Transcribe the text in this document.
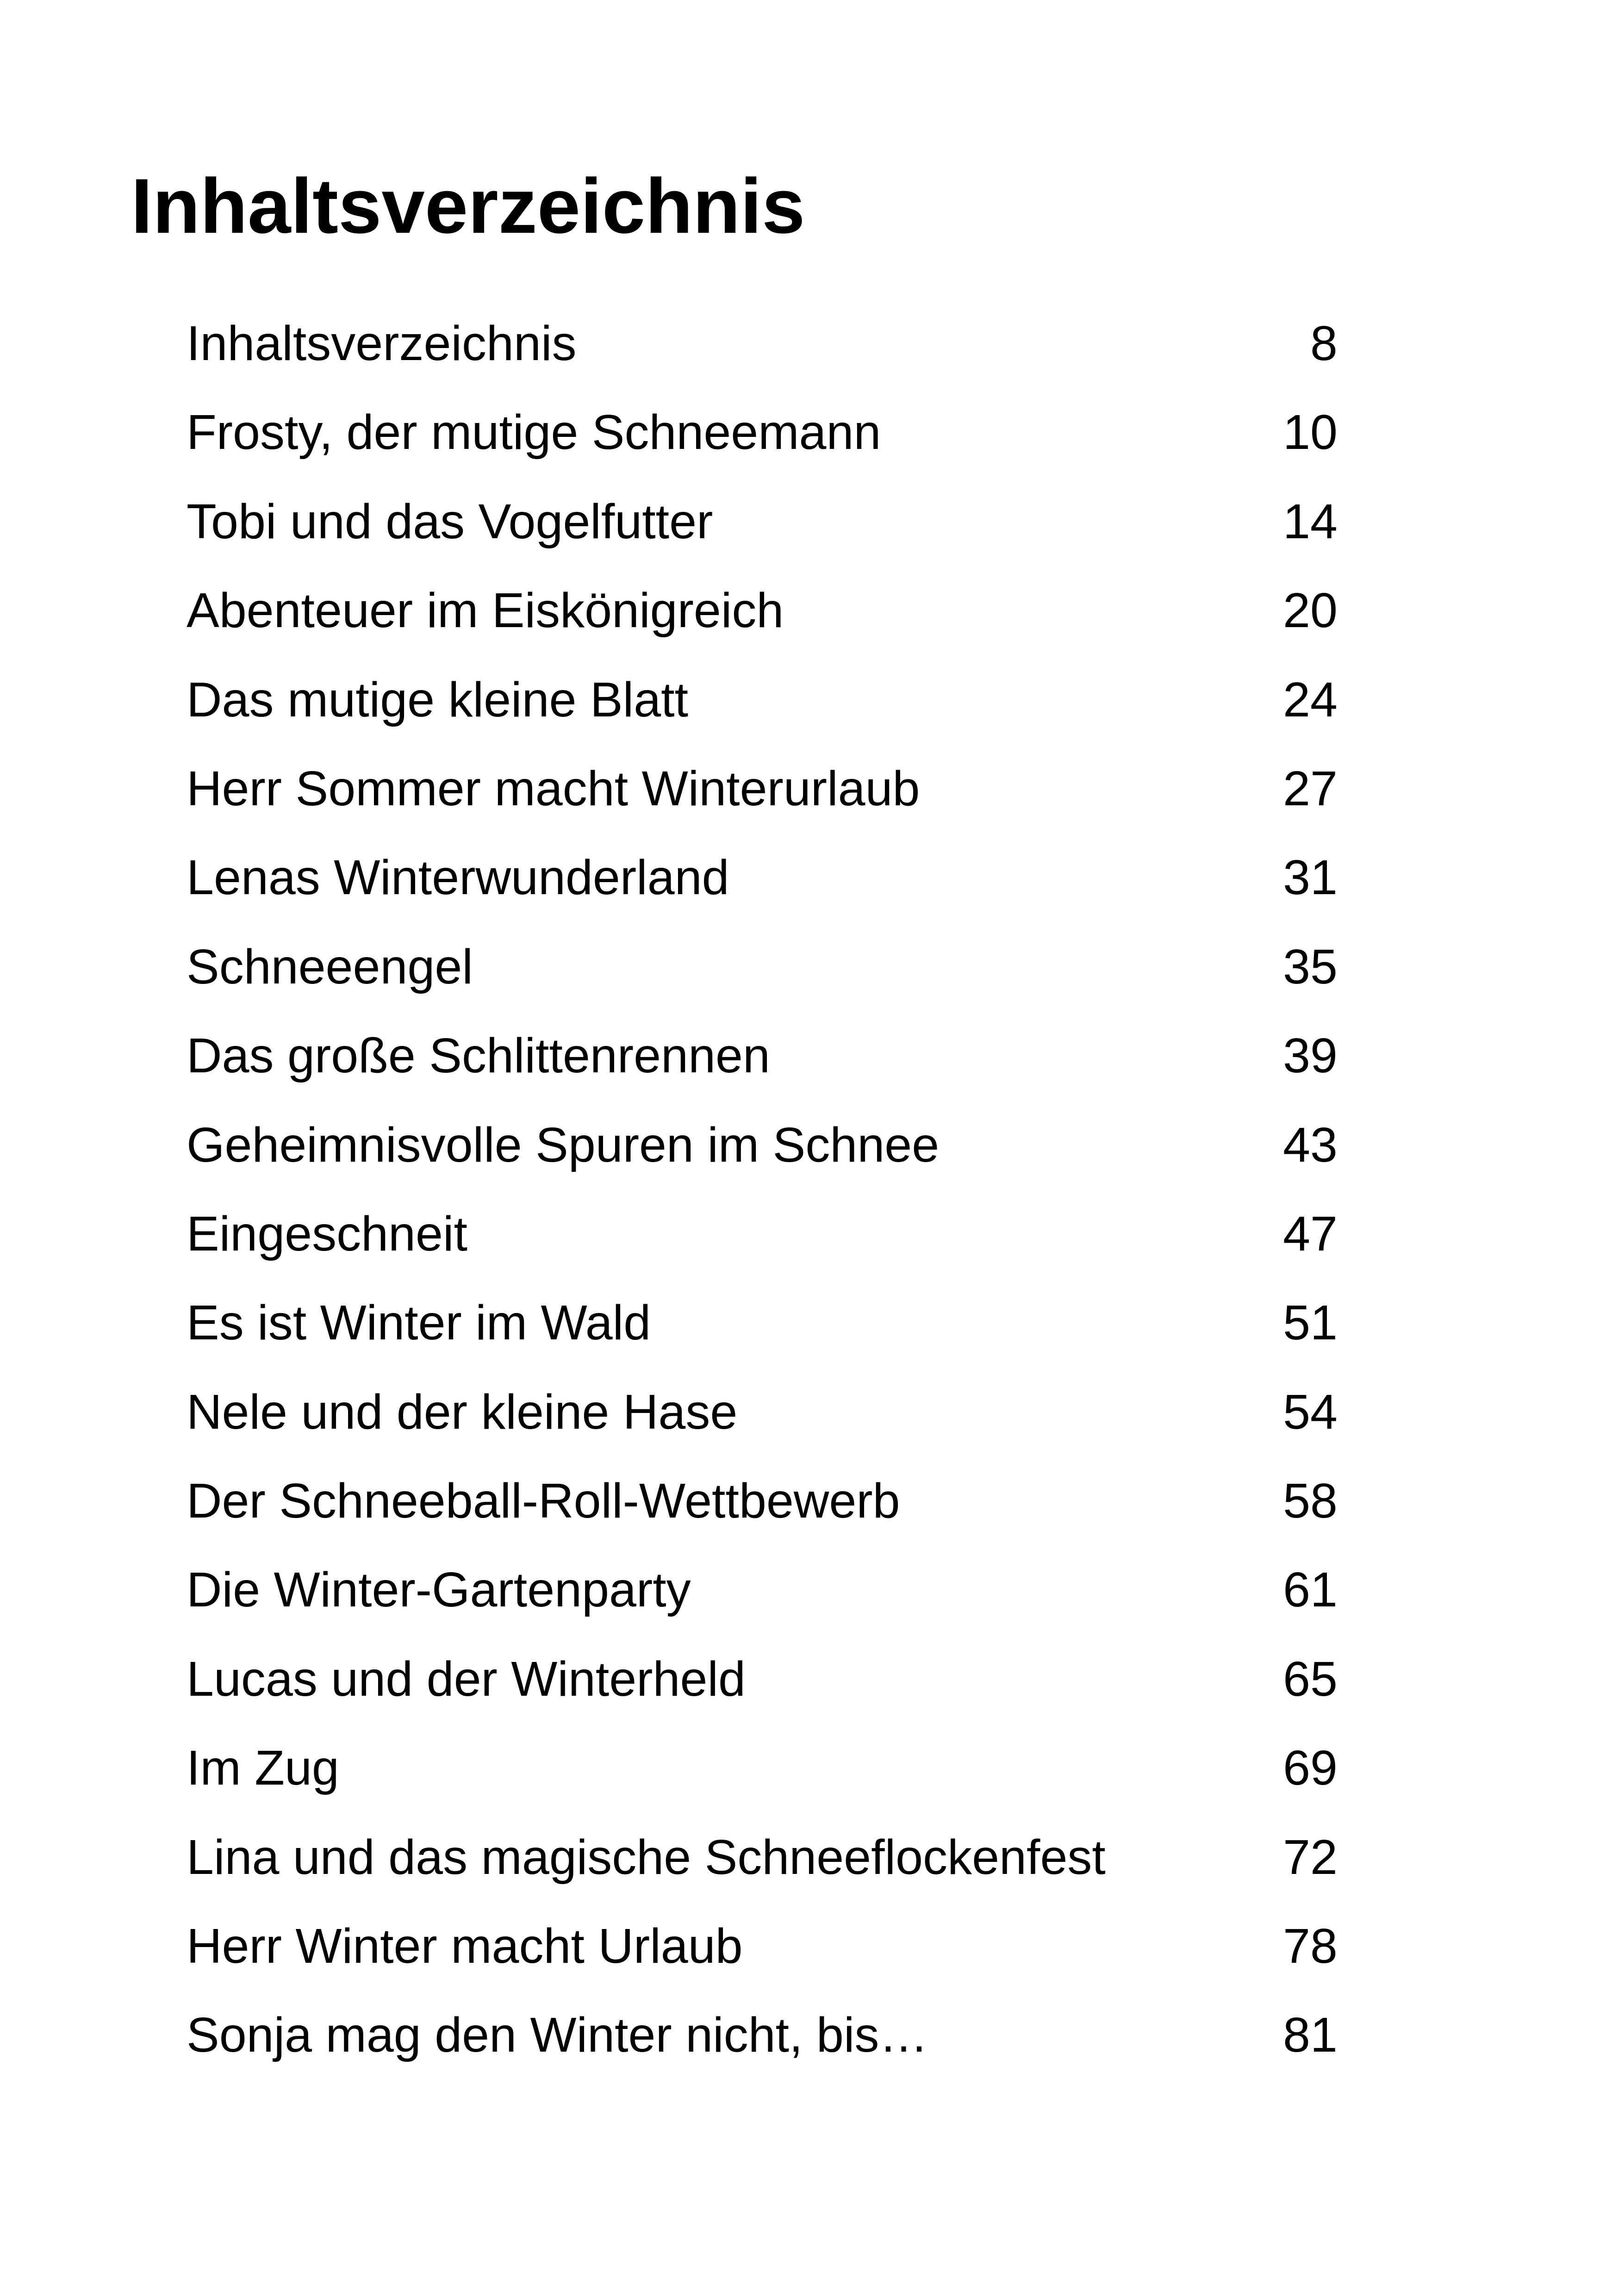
Inhaltsverzeichnis
Inhaltsverzeichnis	8
Frosty, der mutige Schneemann	10
Tobi und das Vogelfutter	14
Abenteuer im Eiskönigreich	20
Das mutige kleine Blatt	24
Herr Sommer macht Winterurlaub	27
Lenas Winterwunderland	31
Schneeengel	35
Das große Schlittenrennen	39
Geheimnisvolle Spuren im Schnee	43
Eingeschneit	47
Es ist Winter im Wald	51
Nele und der kleine Hase	54
Der Schneeball-Roll-Wettbewerb	58
Die Winter-Gartenparty	61
Lucas und der Winterheld	65
Im Zug	69
Lina und das magische Schneeflockenfest	72
Herr Winter macht Urlaub	78
Sonja mag den Winter nicht, bis…	81
